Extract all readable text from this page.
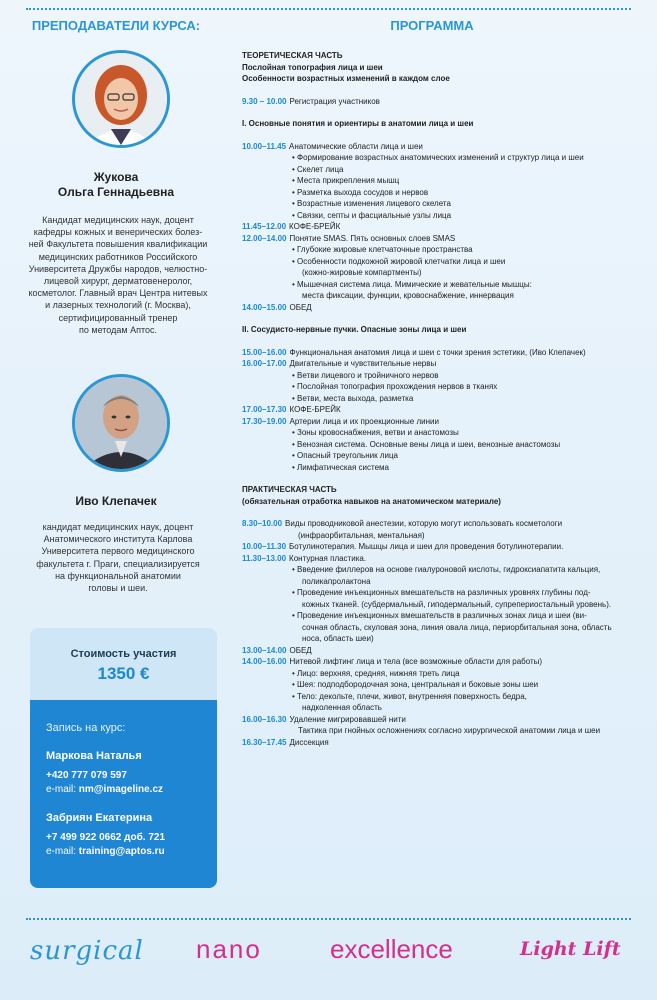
ПРЕПОДАВАТЕЛИ КУРСА:
Жукова
Ольга Геннадьевна
Кандидат медицинских наук, доцент
кафедры кожных и венерических болез-
ней Факультета повышения квалификации
медицинских работников Российского
Университета Дружбы народов, челюстно-
лицевой хирург, дерматовенеролог,
косметолог. Главный врач Центра нитевых
и лазерных технологий (г. Москва),
сертифицированный тренер
по методам Аптос.
Иво Клепачек
кандидат медицинских наук, доцент
Анатомического института Карлова
Университета первого медицинского
факультета г. Праги, специализируется
на функциональной анатомии
головы и шеи.
Стоимость участия
1350 €
Запись на курс:
Маркова Наталья
+420 777 079 597
e-mail: nm@imageline.cz
Забриян Екатерина
+7 499 922 0662 доб. 721
e-mail: training@aptos.ru
ПРОГРАММА
ТЕОРЕТИЧЕСКАЯ ЧАСТЬ
Послойная топография лица и шеи
Особенности возрастных изменений в каждом слое
9.30 – 10.00 Регистрация участников
I. Основные понятия и ориентиры в анатомии лица и шеи
10.00–11.45 Анатомические области лица и шеи
• Формирование возрастных анатомических изменений и структур лица и шеи
• Скелет лица
• Места прикрепления мышц
• Разметка выхода сосудов и нервов
• Возрастные изменения лицевого скелета
• Связки, септы и фасциальные узлы лица
11.45–12.00 КОФЕ-БРЕЙК
12.00–14.00 Понятие SMAS. Пять основных слоев SMAS
• Глубокие жировые клетчаточные пространства
• Особенности подкожной жировой клетчатки лица и шеи
(кожно-жировые компартменты)
• Мышечная система лица. Мимические и жевательные мышцы:
места фиксации, функции, кровоснабжение, иннервация
14.00–15.00 ОБЕД
II. Сосудисто-нервные пучки. Опасные зоны лица и шеи
15.00–16.00 Функциональная анатомия лица и шеи с точки зрения эстетики, (Иво Клепачек)
16.00–17.00 Двигательные и чувствительные нервы
• Ветви лицевого и тройничного нервов
• Послойная топография прохождения нервов в тканях
• Ветви, места выхода, разметка
17.00–17.30 КОФЕ-БРЕЙК
17.30–19.00 Артерии лица и их проекционные линии
• Зоны кровоснабжения, ветви и анастомозы
• Венозная система. Основные вены лица и шеи, венозные анастомозы
• Опасный треугольник лица
• Лимфатическая система
ПРАКТИЧЕСКАЯ ЧАСТЬ
(обязательная отработка навыков на анатомическом материале)
8.30–10.00 Виды проводниковой анестезии, которую могут использовать косметологи
(инфраорбитальная, ментальная)
10.00–11.30 Ботулинотерапия. Мышцы лица и шеи для проведения ботулинотерапии.
11.30–13.00 Контурная пластика.
• Введение филлеров на основе гиалуроновой кислоты, гидроксиапатита кальция,
поликапролактона
• Проведение инъекционных вмешательств на различных уровнях глубины под-
кожных тканей. (субдермальный, гиподермальный, супрепериостальный уровень).
• Проведение инъекционных вмешательств в различных зонах лица и шеи (ви-
сочная область, скуловая зона, линия овала лица, периорбитальная зона, область
носа, область шеи)
13.00–14.00 ОБЕД
14.00–16.00 Нитевой лифтинг лица и тела (все возможные области для работы)
• Лицо: верхняя, средняя, нижняя треть лица
• Шея: подподбородочная зона, центральная и боковые зоны шеи
• Тело: декольте, плечи, живот, внутренняя поверхность бедра,
надколенная область
16.00–16.30 Удаление мигрировавшей нити
Тактика при гнойных осложнениях согласно хирургической анатомии лица и шеи
16.30–17.45 Диссекция
surgical nano	excellence	Light Lift
